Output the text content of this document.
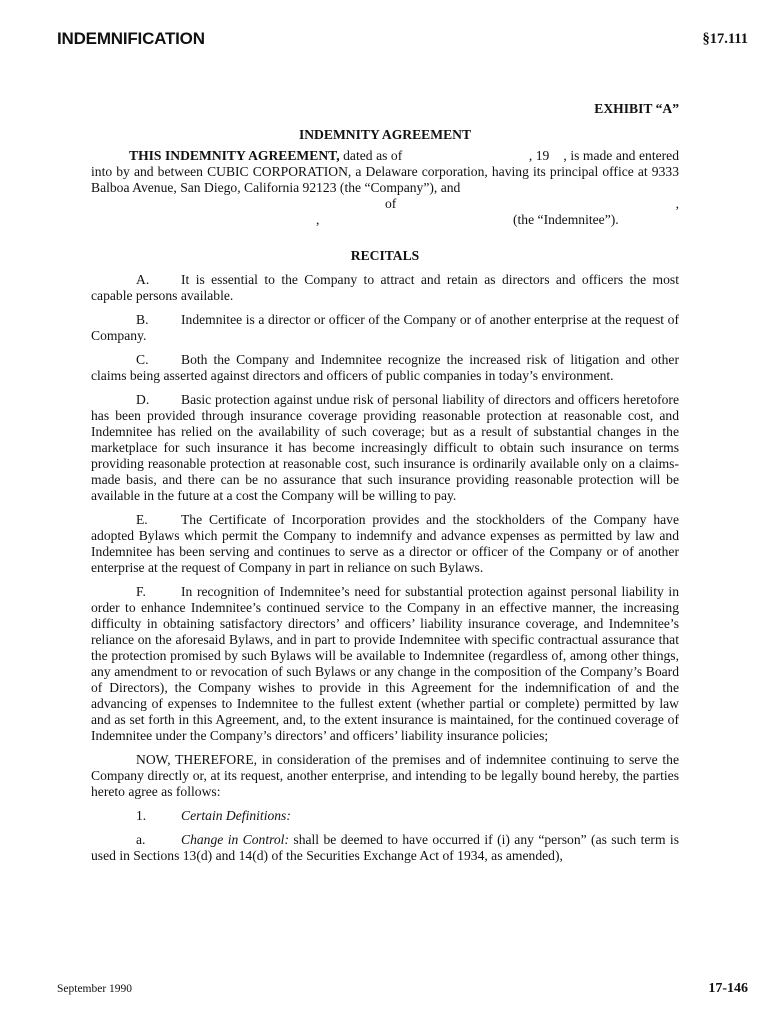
INDEMNIFICATION	§17.111

EXHIBIT “A”

INDEMNITY AGREEMENT

THIS INDEMNITY AGREEMENT, dated as of                                    , 19    , is made and entered into by and between CUBIC CORPORATION, a Delaware corporation, having its principal office at 9333 Balboa Avenue, San Diego, California 92123 (the “Company”), and

of	,
,	(the “Indemnitee”).

RECITALS

A. It is essential to the Company to attract and retain as directors and officers the most capable persons available.

B. Indemnitee is a director or officer of the Company or of another enterprise at the request of Company.

C. Both the Company and Indemnitee recognize the increased risk of litigation and other claims being asserted against directors and officers of public companies in today’s environment.

D. Basic protection against undue risk of personal liability of directors and officers heretofore has been provided through insurance coverage providing reasonable protection at reasonable cost, and Indemnitee has relied on the availability of such coverage; but as a result of substantial changes in the marketplace for such insurance it has become increasingly difficult to obtain such insurance on terms providing reasonable protection at reasonable cost, such insurance is ordinarily available only on a claims-made basis, and there can be no assurance that such insurance providing reasonable protection will be available in the future at a cost the Company will be willing to pay.

E. The Certificate of Incorporation provides and the stockholders of the Company have adopted Bylaws which permit the Company to indemnify and advance expenses as permitted by law and Indemnitee has been serving and continues to serve as a director or officer of the Company or of another enterprise at the request of Company in part in reliance on such Bylaws.

F.	In recognition of Indemnitee’s need for substantial protection against personal liability in order to enhance Indemnitee’s continued service to the Company in an effective manner, the increasing difficulty in obtaining satisfactory directors’ and officers’ liability insurance coverage, and Indemnitee’s reliance on the aforesaid Bylaws, and in part to provide Indemnitee with specific contractual assurance that the protection promised by such Bylaws will be available to Indemnitee (regardless of, among other things, any amendment to or revocation of such Bylaws or any change in the composition of the Company’s Board of Directors), the Company wishes to provide in this Agreement for the indemnification of and the advancing of expenses to Indemnitee to the fullest extent (whether partial or complete) permitted by law and as set forth in this Agreement, and, to the extent insurance is maintained, for the continued coverage of Indemnitee under the Company’s directors’ and officers’ liability insurance policies;

NOW, THEREFORE, in consideration of the premises and of indemnitee continuing to serve the Company directly or, at its request, another enterprise, and intending to be legally bound hereby, the parties hereto agree as follows:

1.	Certain Definitions:

a.	Change in Control: shall be deemed to have occurred if (i) any “person” (as such term is used in Sections 13(d) and 14(d) of the Securities Exchange Act of 1934, as amended),

September 1990	17-146
